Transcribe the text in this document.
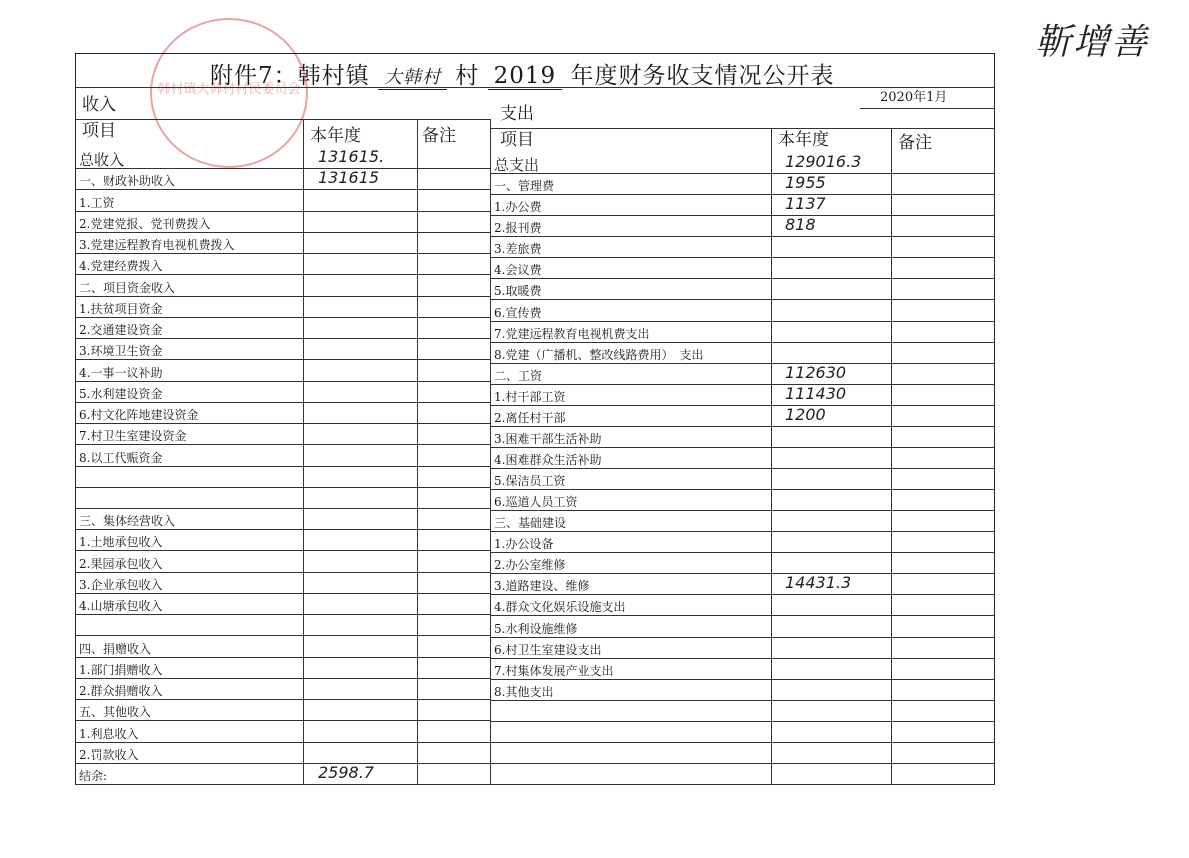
韩村镇大韩村村民委员会
靳增善
附件7：韩村镇 大韩村 村 2019 年度财务收支情况公开表
2020年1月
收入	支出
项目	本年度	备注	项目	本年度	备注
总收入	131615.
一、财政补助收入	131615
1.工资
2.党建党报、党刊费拨入
3.党建远程教育电视机费拨入
4.党建经费拨入
二、项目资金收入
1.扶贫项目资金
2.交通建设资金
3.环境卫生资金
4.一事一议补助
5.水利建设资金
6.村文化阵地建设资金
7.村卫生室建设资金
8.以工代赈资金
三、集体经营收入
1.土地承包收入
2.果园承包收入
3.企业承包收入
4.山塘承包收入
四、捐赠收入
1.部门捐赠收入
2.群众捐赠收入
五、其他收入
1.利息收入
2.罚款收入
结余:	2598.7
总支出	129016.3
一、管理费	1955
1.办公费	1137
2.报刊费	818
3.差旅费
4.会议费
5.取暖费
6.宣传费
7.党建远程教育电视机费支出
8.党建（广播机、整改线路费用）　支出
二、工资	112630
1.村干部工资	111430
2.离任村干部	1200
3.困难干部生活补助
4.困难群众生活补助
5.保洁员工资
6.巡道人员工资
三、基础建设
1.办公设备
2.办公室维修
3.道路建设、维修	14431.3
4.群众文化娱乐设施支出
5.水利设施维修
6.村卫生室建设支出
7.村集体发展产业支出
8.其他支出
